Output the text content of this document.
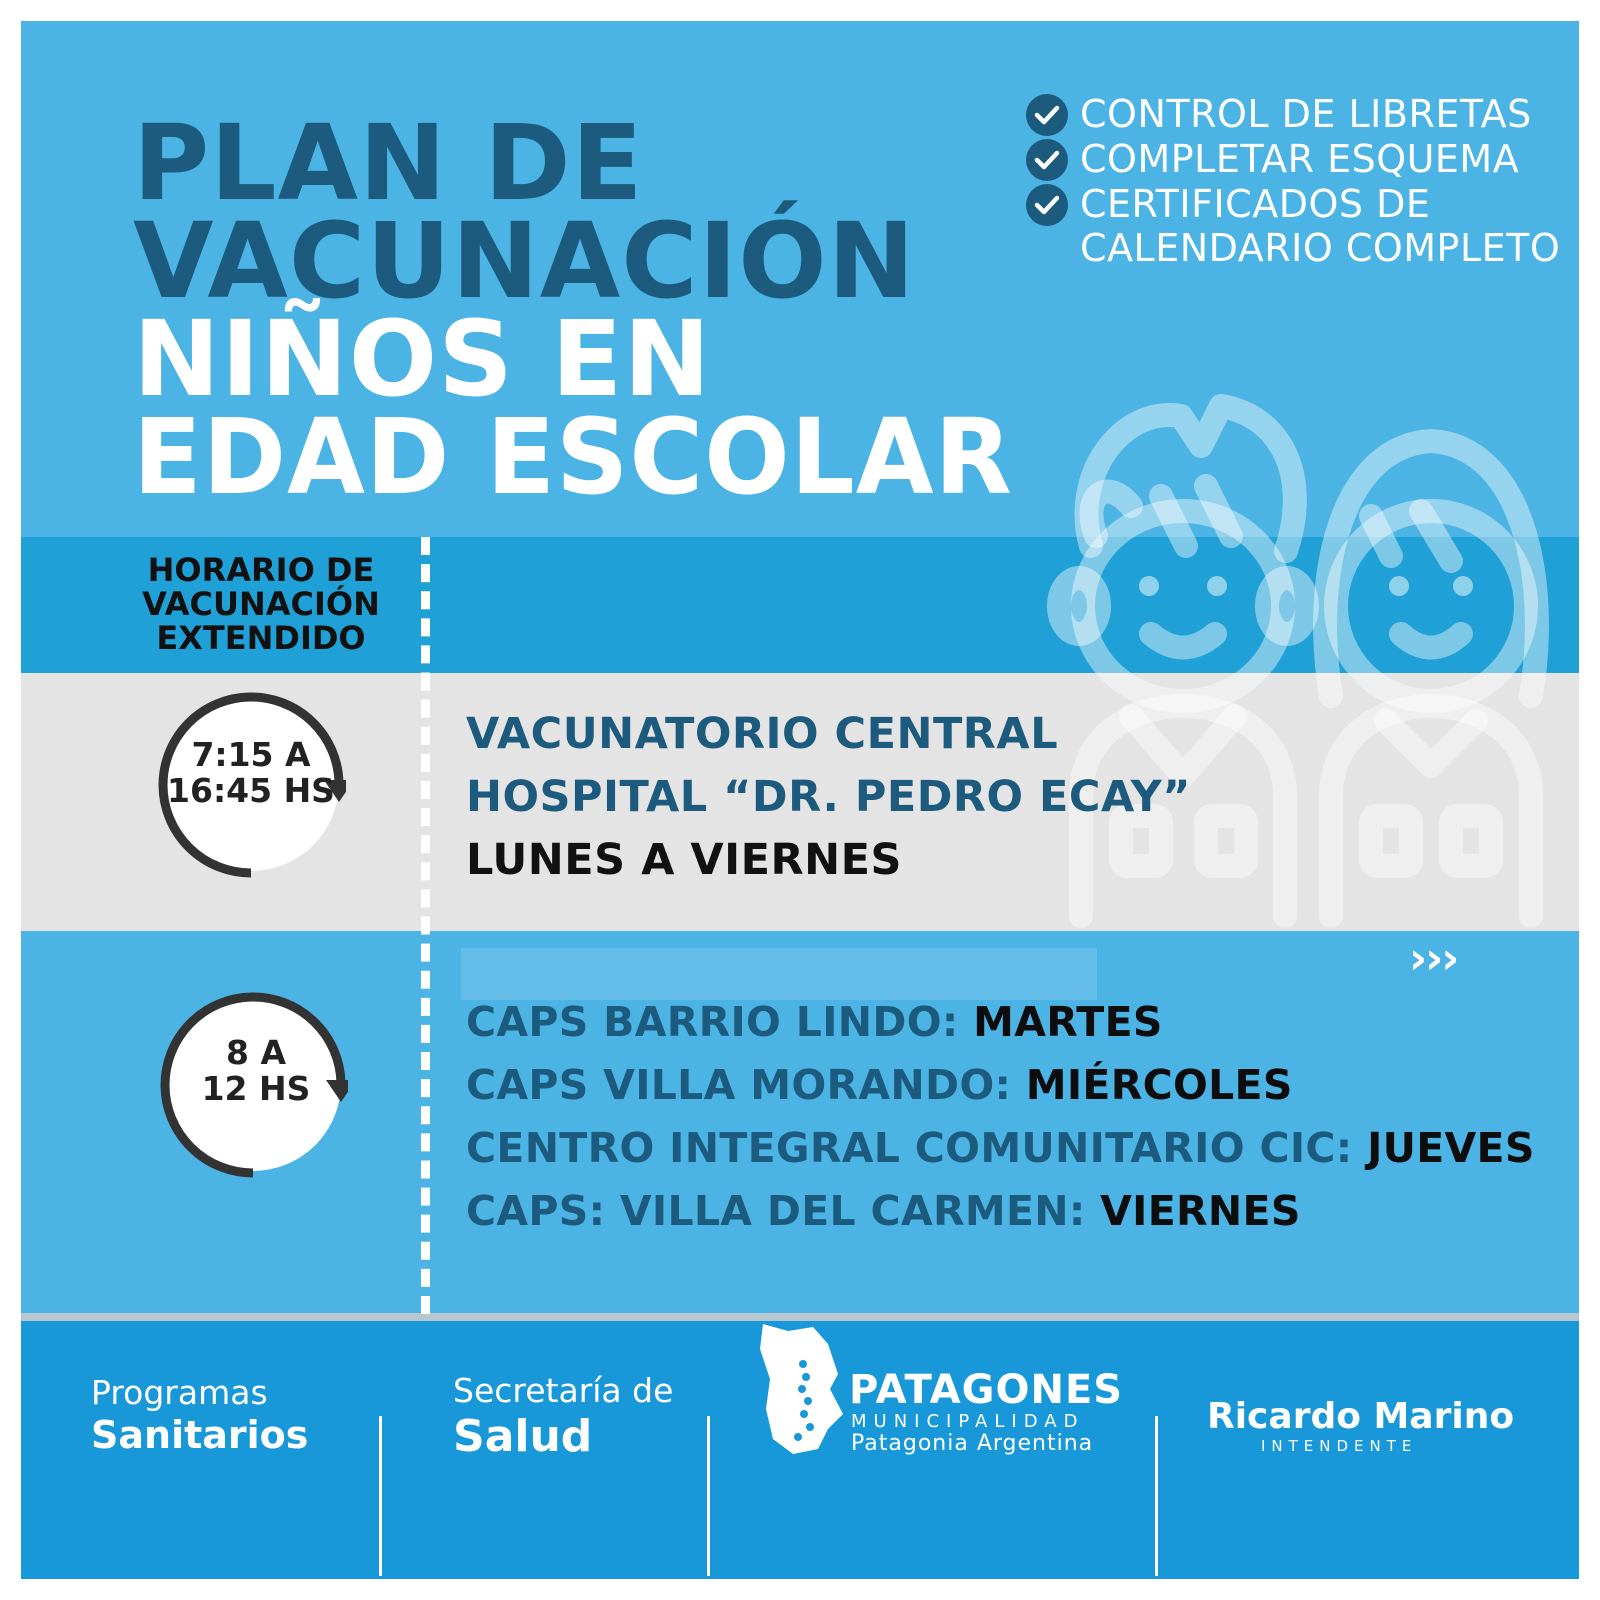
PLAN DE
VACUNACIÓN
NIÑOS EN
EDAD ESCOLAR
CONTROL DE LIBRETAS
COMPLETAR ESQUEMA
CERTIFICADOS DE
CALENDARIO COMPLETO
HORARIO DE
VACUNACIÓN
EXTENDIDO
7:15 A
16:45 HS
VACUNATORIO CENTRAL
HOSPITAL “DR. PEDRO ECAY”
LUNES A VIERNES
›››
8 A
12 HS
CAPS BARRIO LINDO: MARTES
CAPS VILLA MORANDO: MIÉRCOLES
CENTRO INTEGRAL COMUNITARIO CIC: JUEVES
CAPS: VILLA DEL CARMEN: VIERNES
Programas
Sanitarios
Secretaría de
Salud
PATAGONES
MUNICIPALIDAD
Patagonia Argentina
Ricardo Marino
INTENDENTE
